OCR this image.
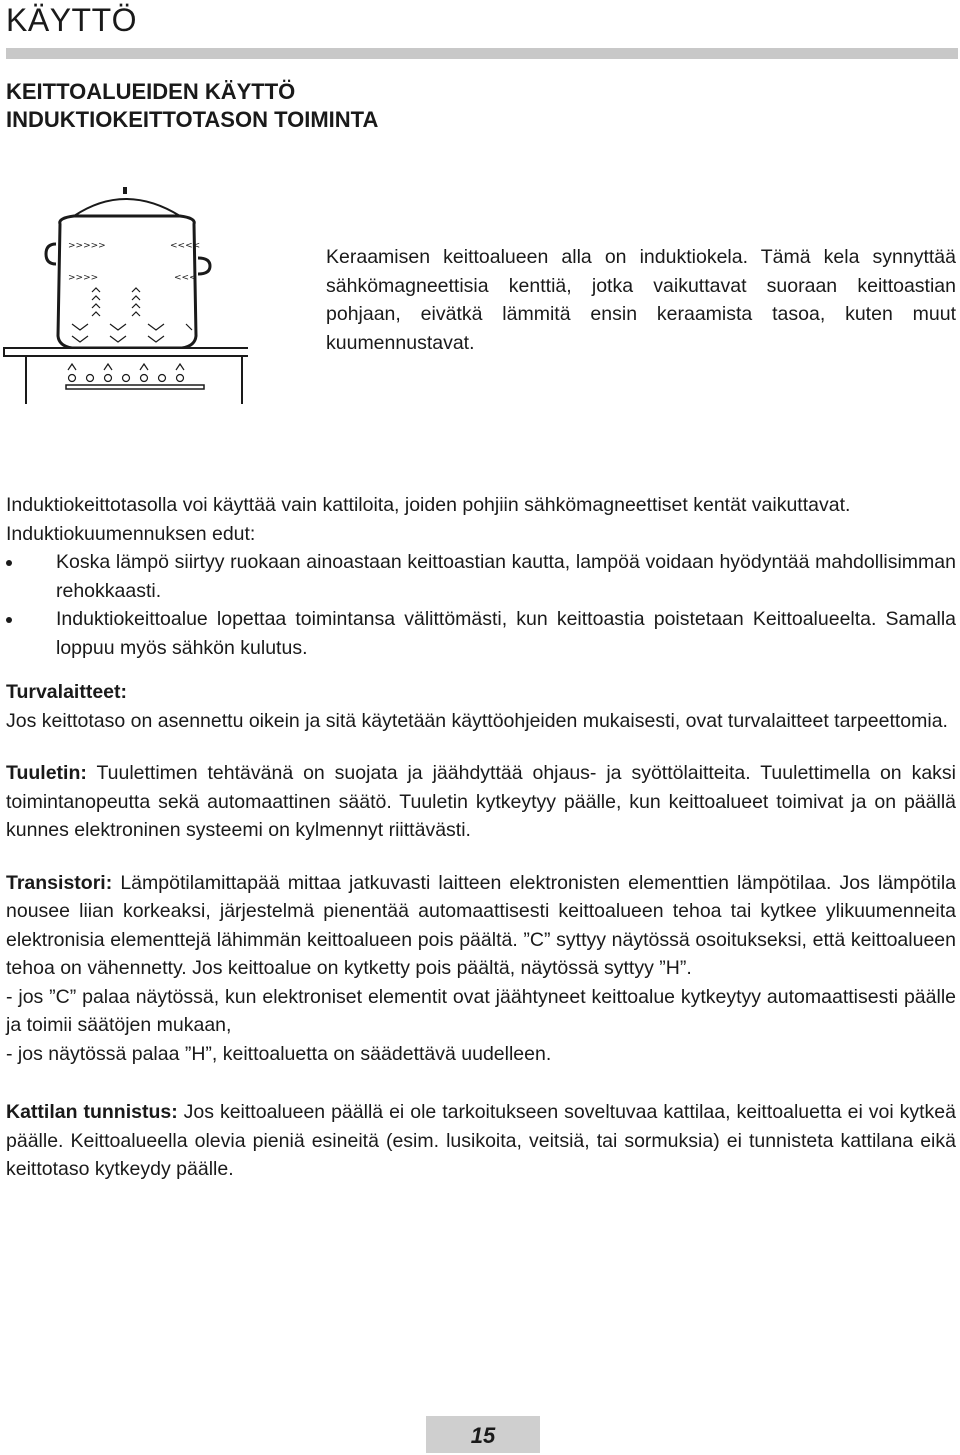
KÄYTTÖ
KEITTOALUEIDEN KÄYTTÖ
INDUKTIOKEITTOTASON TOIMINTA
>>>>>	<<<<
>>>>	<<<

Keraamisen keittoalueen alla on induktiokela. Tämä kela synnyttää sähkömagneettisia kenttiä, jotka vaikuttavat suoraan keittoastian pohjaan, eivätkä lämmitä ensin keraamista tasoa, kuten muut kuumennustavat.

Induktiokeittotasolla voi käyttää vain kattiloita, joiden pohjiin sähkömagneettiset kentät vaikuttavat.

Induktiokuumennuksen edut:

Koska lämpö siirtyy ruokaan ainoastaan keittoastian kautta, lampöä voidaan hyödyntää mahdollisimman rehokkaasti.
Induktiokeittoalue lopettaa toimintansa välittömästi, kun keittoastia poistetaan Keittoalueelta. Samalla loppuu myös sähkön kulutus.

Turvalaitteet:

Jos keittotaso on asennettu oikein ja sitä käytetään käyttöohjeiden mukaisesti, ovat turvalaitteet tarpeettomia.

Tuuletin: Tuulettimen tehtävänä on suojata ja jäähdyttää ohjaus- ja syöttölaitteita. Tuulettimella on kaksi toimintanopeutta sekä automaattinen säätö. Tuuletin kytkeytyy päälle, kun keittoalueet toimivat ja on päällä kunnes elektroninen systeemi on kylmennyt riittävästi.

Transistori: Lämpötilamittapää mittaa jatkuvasti laitteen elektronisten elementtien lämpötilaa. Jos lämpötila nousee liian korkeaksi, järjestelmä pienentää automaattisesti keittoalueen tehoa tai kytkee ylikuumenneita elektronisia elementtejä lähimmän keittoalueen pois päältä. ”C” syttyy näytössä osoitukseksi, että keittoalueen tehoa on vähennetty. Jos keittoalue on kytketty pois päältä, näytössä syttyy ”H”.

- jos ”C” palaa näytössä, kun elektroniset elementit ovat jäähtyneet keittoalue kytkeytyy automaattisesti päälle ja toimii säätöjen mukaan,

- jos näytössä palaa ”H”, keittoaluetta on säädettävä uudelleen.

Kattilan tunnistus: Jos keittoalueen päällä ei ole tarkoitukseen soveltuvaa kattilaa, keittoaluetta ei voi kytkeä päälle. Keittoalueella olevia pieniä esineitä (esim. lusikoita, veitsiä, tai sormuksia) ei tunnisteta kattilana eikä keittotaso kytkeydy päälle.

15
